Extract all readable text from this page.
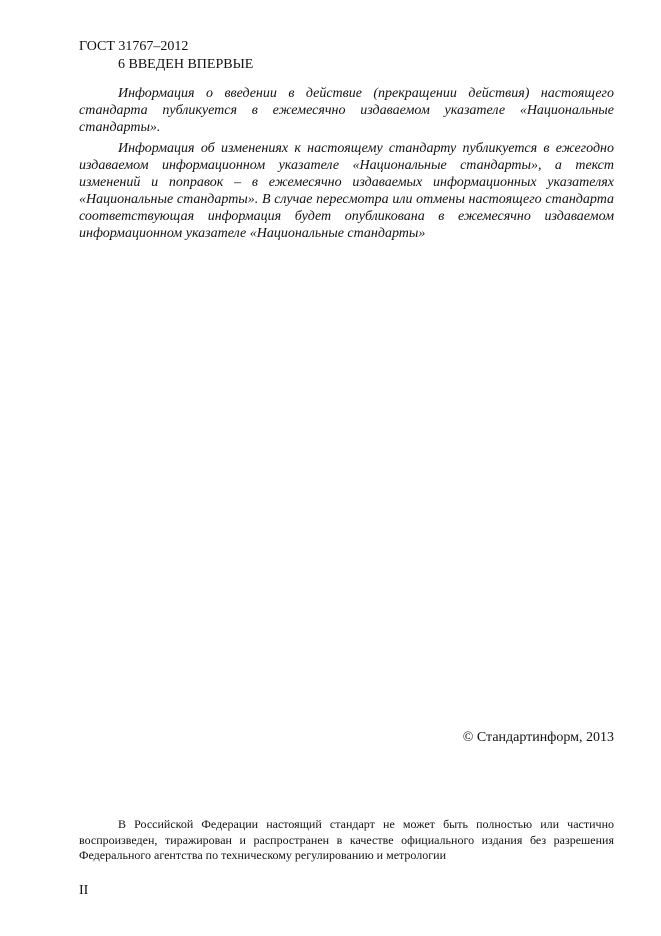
ГОСТ 31767–2012
6 ВВЕДЕН ВПЕРВЫЕ

Информация о введении в действие (прекращении действия) настоящего стандарта публикуется в ежемесячно издаваемом указателе «Национальные стандарты».

Информация об изменениях к настоящему стандарту публикуется в ежегодно издаваемом информационном указателе «Национальные стандарты», а текст изменений и поправок – в ежемесячно издаваемых информационных указателях «Национальные стандарты». В случае пересмотра или отмены настоящего стандарта соответствующая информация будет опубликована в ежемесячно издаваемом информационном указателе «Национальные стандарты»

© Стандартинформ, 2013

В Российской Федерации настоящий стандарт не может быть полностью или частично воспроизведен, тиражирован и распространен в качестве официального издания без разрешения Федерального агентства по техническому регулированию и метрологии

II
